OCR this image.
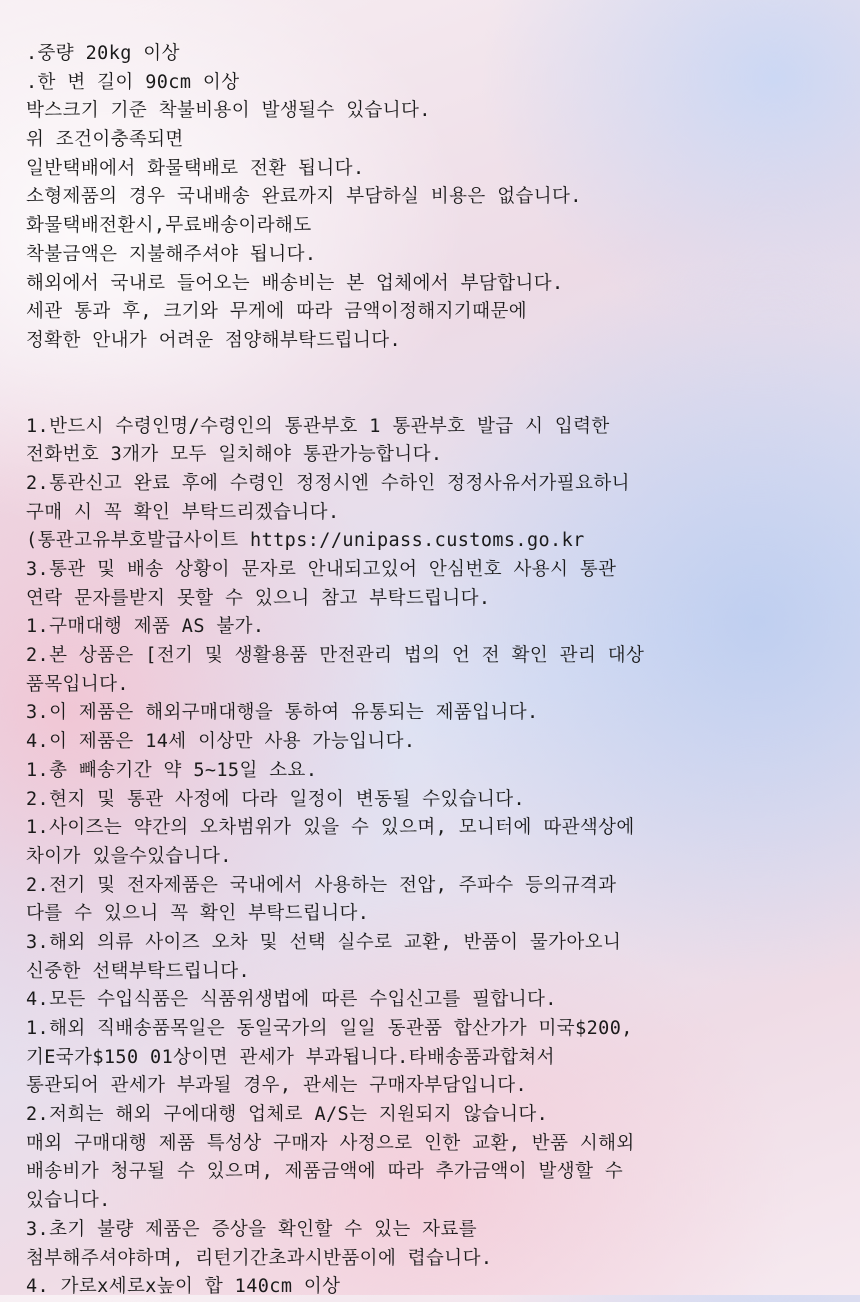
.중량 20kg 이상
.한 변 길이 90cm 이상
박스크기 기준 착불비용이 발생될수 있습니다.
위 조건이충족되면
일반택배에서 화물택배로 전환 됩니다.
소형제품의 경우 국내배송 완료까지 부담하실 비용은 없습니다.
화물택배전환시,무료배송이라해도
착불금액은 지불해주셔야 됩니다.
해외에서 국내로 들어오는 배송비는 본 업체에서 부담합니다.
세관 통과 후, 크기와 무게에 따라 금액이정해지기때문에
정확한 안내가 어려운 점양해부탁드립니다.
1.반드시 수령인명/수령인의 통관부호 1 통관부호 발급 시 입력한
전화번호 3개가 모두 일치해야 통관가능합니다.
2.통관신고 완료 후에 수령인 정정시엔 수하인 정정사유서가필요하니
구매 시 꼭 확인 부탁드리겠습니다.
(통관고유부호발급사이트 https://unipass.customs.go.kr
3.통관 및 배송 상황이 문자로 안내되고있어 안심번호 사용시 통관
연락 문자를받지 못할 수 있으니 참고 부탁드립니다.
1.구매대행 제품 AS 불가.
2.본 상품은 [전기 및 생활용품 만전관리 법의 언 전 확인 관리 대상
품목입니다.
3.이 제품은 해외구매대행을 통하여 유통되는 제품입니다.
4.이 제품은 14세 이상만 사용 가능입니다.
1.총 빼송기간 약 5~15일 소요.
2.현지 및 통관 사정에 다라 일정이 변동될 수있습니다.
1.사이즈는 약간의 오차범위가 있을 수 있으며, 모니터에 따관색상에
차이가 있을수있습니다.
2.전기 및 전자제품은 국내에서 사용하는 전압, 주파수 등의규격과
다를 수 있으니 꼭 확인 부탁드립니다.
3.해외 의류 사이즈 오차 및 선택 실수로 교환, 반품이 물가아오니
신중한 선택부탁드립니다.
4.모든 수입식품은 식품위생법에 따른 수입신고를 필합니다.
1.해외 직배송품목일은 동일국가의 일일 동관품 합산가가 미국$200,
기E국가$150 01상이면 관세가 부과됩니다.타배송품과합쳐서
통관되어 관세가 부과될 경우, 관세는 구매자부담입니다.
2.저희는 해외 구에대행 업체로 A/S는 지원되지 않습니다.
매외 구매대행 제품 특성상 구매자 사정으로 인한 교환, 반품 시해외
배송비가 청구될 수 있으며, 제품금액에 따라 추가금액이 발생할 수
있습니다.
3.초기 불량 제품은 증상을 확인할 수 있는 자료를
첨부해주셔야하며, 리턴기간초과시반품이에 렵습니다.
4. 가로x세로x높이 합 140cm 이상
